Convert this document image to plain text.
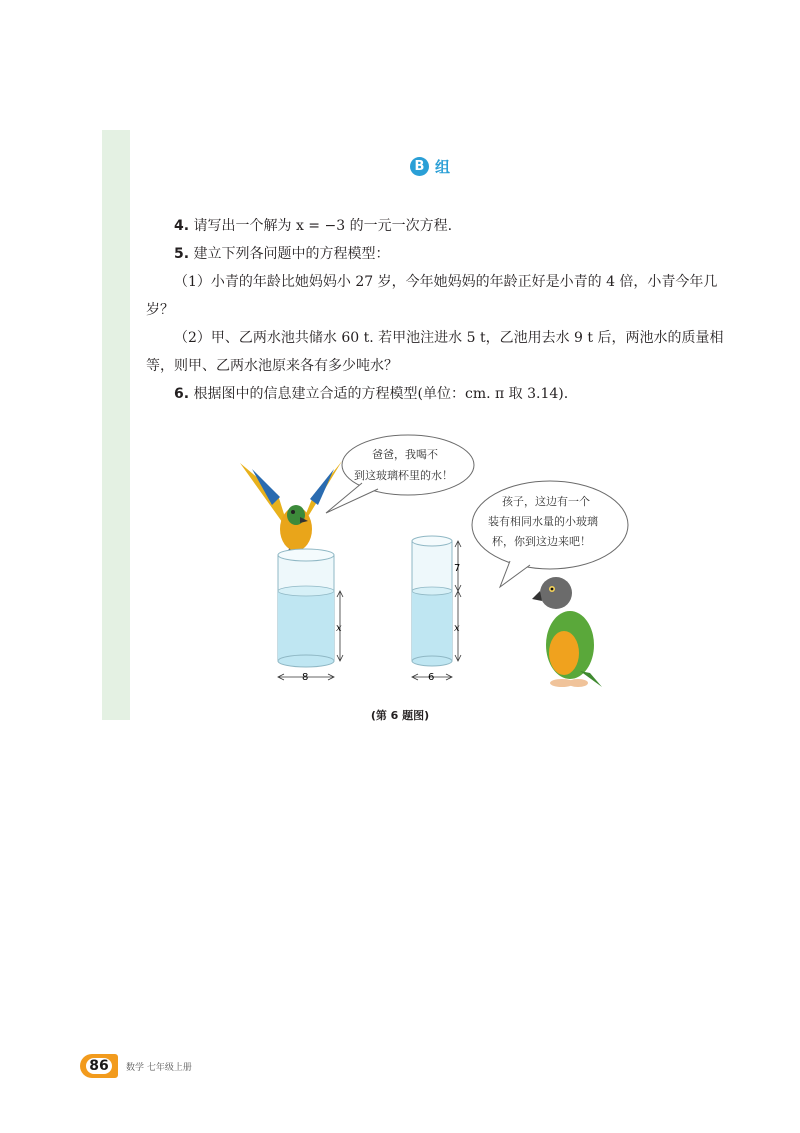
B 组
4. 请写出一个解为 x = −3 的一元一次方程.
5. 建立下列各问题中的方程模型：
（1）小青的年龄比她妈妈小 27 岁，今年她妈妈的年龄正好是小青的 4 倍，小青今年几岁？
（2）甲、乙两水池共储水 60 t. 若甲池注进水 5 t，乙池用去水 9 t 后，两池水的质量相等，则甲、乙两水池原来各有多少吨水？
6. 根据图中的信息建立合适的方程模型(单位：cm. π 取 3.14).
爸爸，我喝不
到这玻璃杯里的水！
孩子，这边有一个
装有相同水量的小玻璃
杯，你到这边来吧！
x
8
7
x
6
(第 6 题图)
86	数学 七年级上册
